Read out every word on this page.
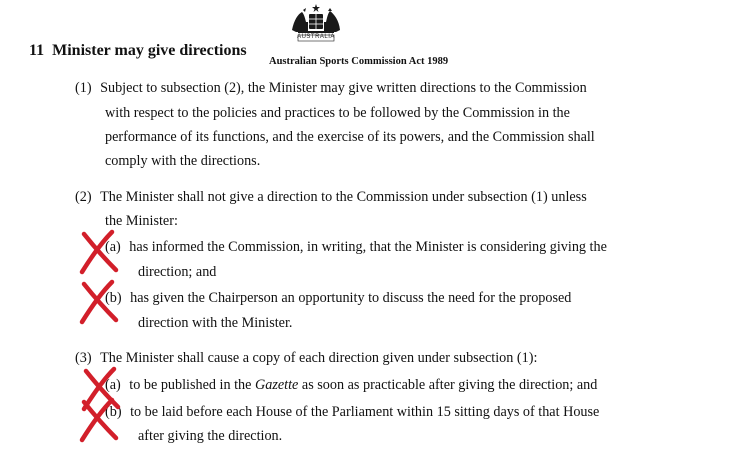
AUSTRALIA
11 Minister may give directions
Australian Sports Commission Act 1989
(1) Subject to subsection (2), the Minister may give written directions to the Commission
with respect to the policies and practices to be followed by the Commission in the
performance of its functions, and the exercise of its powers, and the Commission shall
comply with the directions.
(2) The Minister shall not give a direction to the Commission under subsection (1) unless
the Minister:
(a) has informed the Commission, in writing, that the Minister is considering giving the
direction; and
(b) has given the Chairperson an opportunity to discuss the need for the proposed
direction with the Minister.
(3) The Minister shall cause a copy of each direction given under subsection (1):
(a) to be published in the Gazette as soon as practicable after giving the direction; and
(b) to be laid before each House of the Parliament within 15 sitting days of that House
after giving the direction.
